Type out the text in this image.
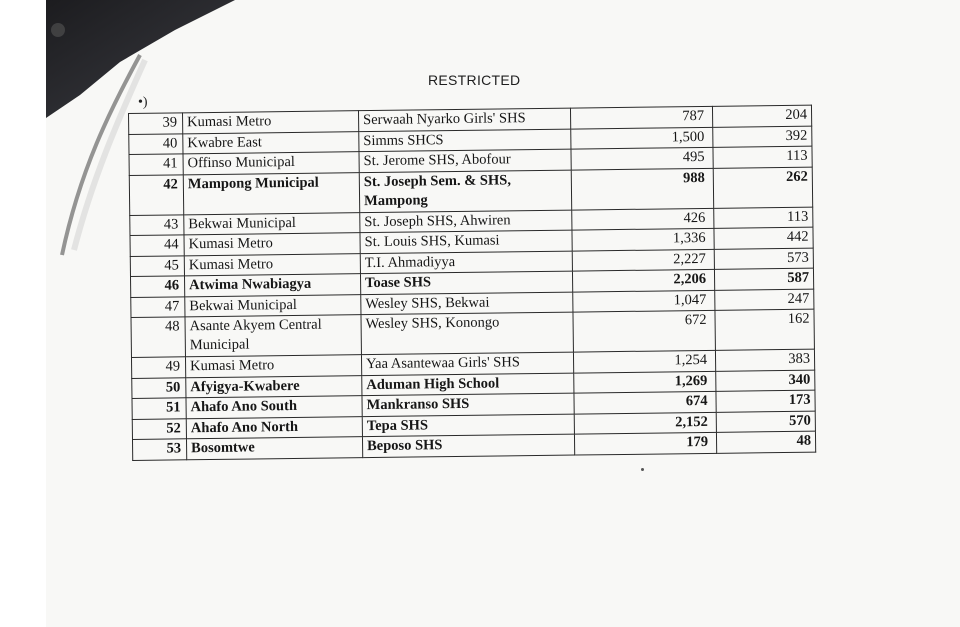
RESTRICTED
•)
39	Kumasi Metro	Serwaah Nyarko Girls' SHS	787	204
40	Kwabre East	Simms SHCS	1,500	392
41	Offinso Municipal	St. Jerome SHS, Abofour	495	113
42	Mampong Municipal	St. Joseph Sem. & SHS, Mampong	988	262
43	Bekwai Municipal	St. Joseph SHS, Ahwiren	426	113
44	Kumasi Metro	St. Louis SHS, Kumasi	1,336	442
45	Kumasi Metro	T.I. Ahmadiyya	2,227	573
46	Atwima Nwabiagya	Toase SHS	2,206	587
47	Bekwai Municipal	Wesley SHS, Bekwai	1,047	247
48	Asante Akyem Central Municipal	Wesley SHS, Konongo	672	162
49	Kumasi Metro	Yaa Asantewaa Girls' SHS	1,254	383
50	Afyigya-Kwabere	Aduman High School	1,269	340
51	Ahafo Ano South	Mankranso SHS	674	173
52	Ahafo Ano North	Tepa SHS	2,152	570
53	Bosomtwe	Beposo SHS	179	48
